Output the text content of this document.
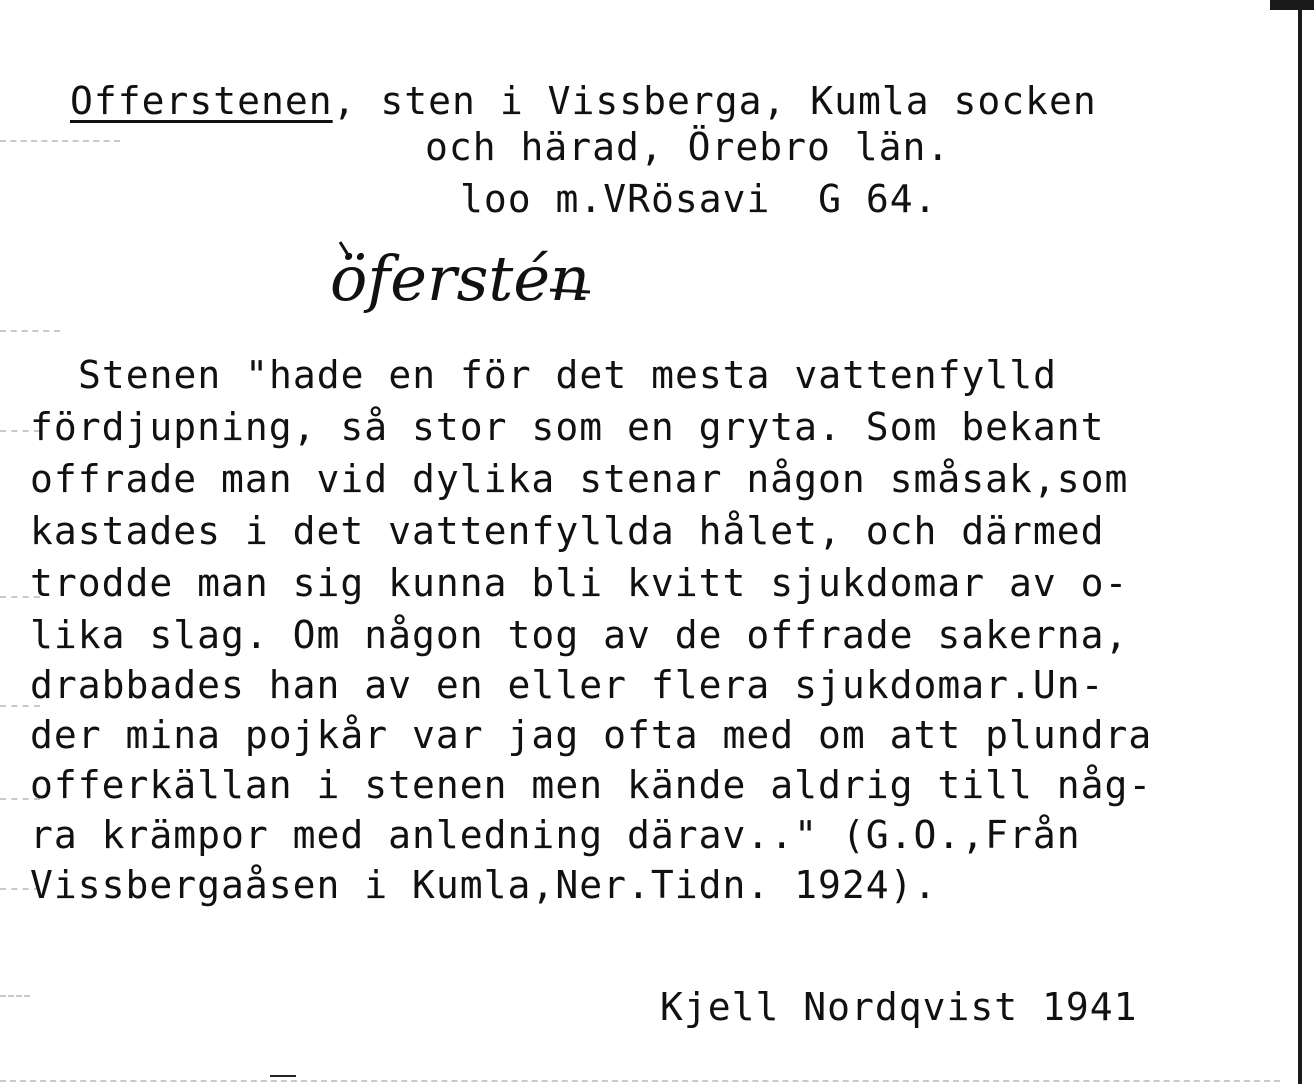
Offerstenen, sten i Vissberga, Kumla socken
och härad, Örebro län.
loo m.VRösavi  G 64.
öferstén
Stenen "hade en för det mesta vattenfylld
fördjupning, så stor som en gryta. Som bekant
offrade man vid dylika stenar någon småsak,som
kastades i det vattenfyllda hålet, och därmed
trodde man sig kunna bli kvitt sjukdomar av o-
lika slag. Om någon tog av de offrade sakerna,
drabbades han av en eller flera sjukdomar.Un-
der mina pojkår var jag ofta med om att plundra
offerkällan i stenen men kände aldrig till någ-
ra krämpor med anledning därav.." (G.O.,Från
Vissbergaåsen i Kumla,Ner.Tidn. 1924).
Kjell Nordqvist 1941
